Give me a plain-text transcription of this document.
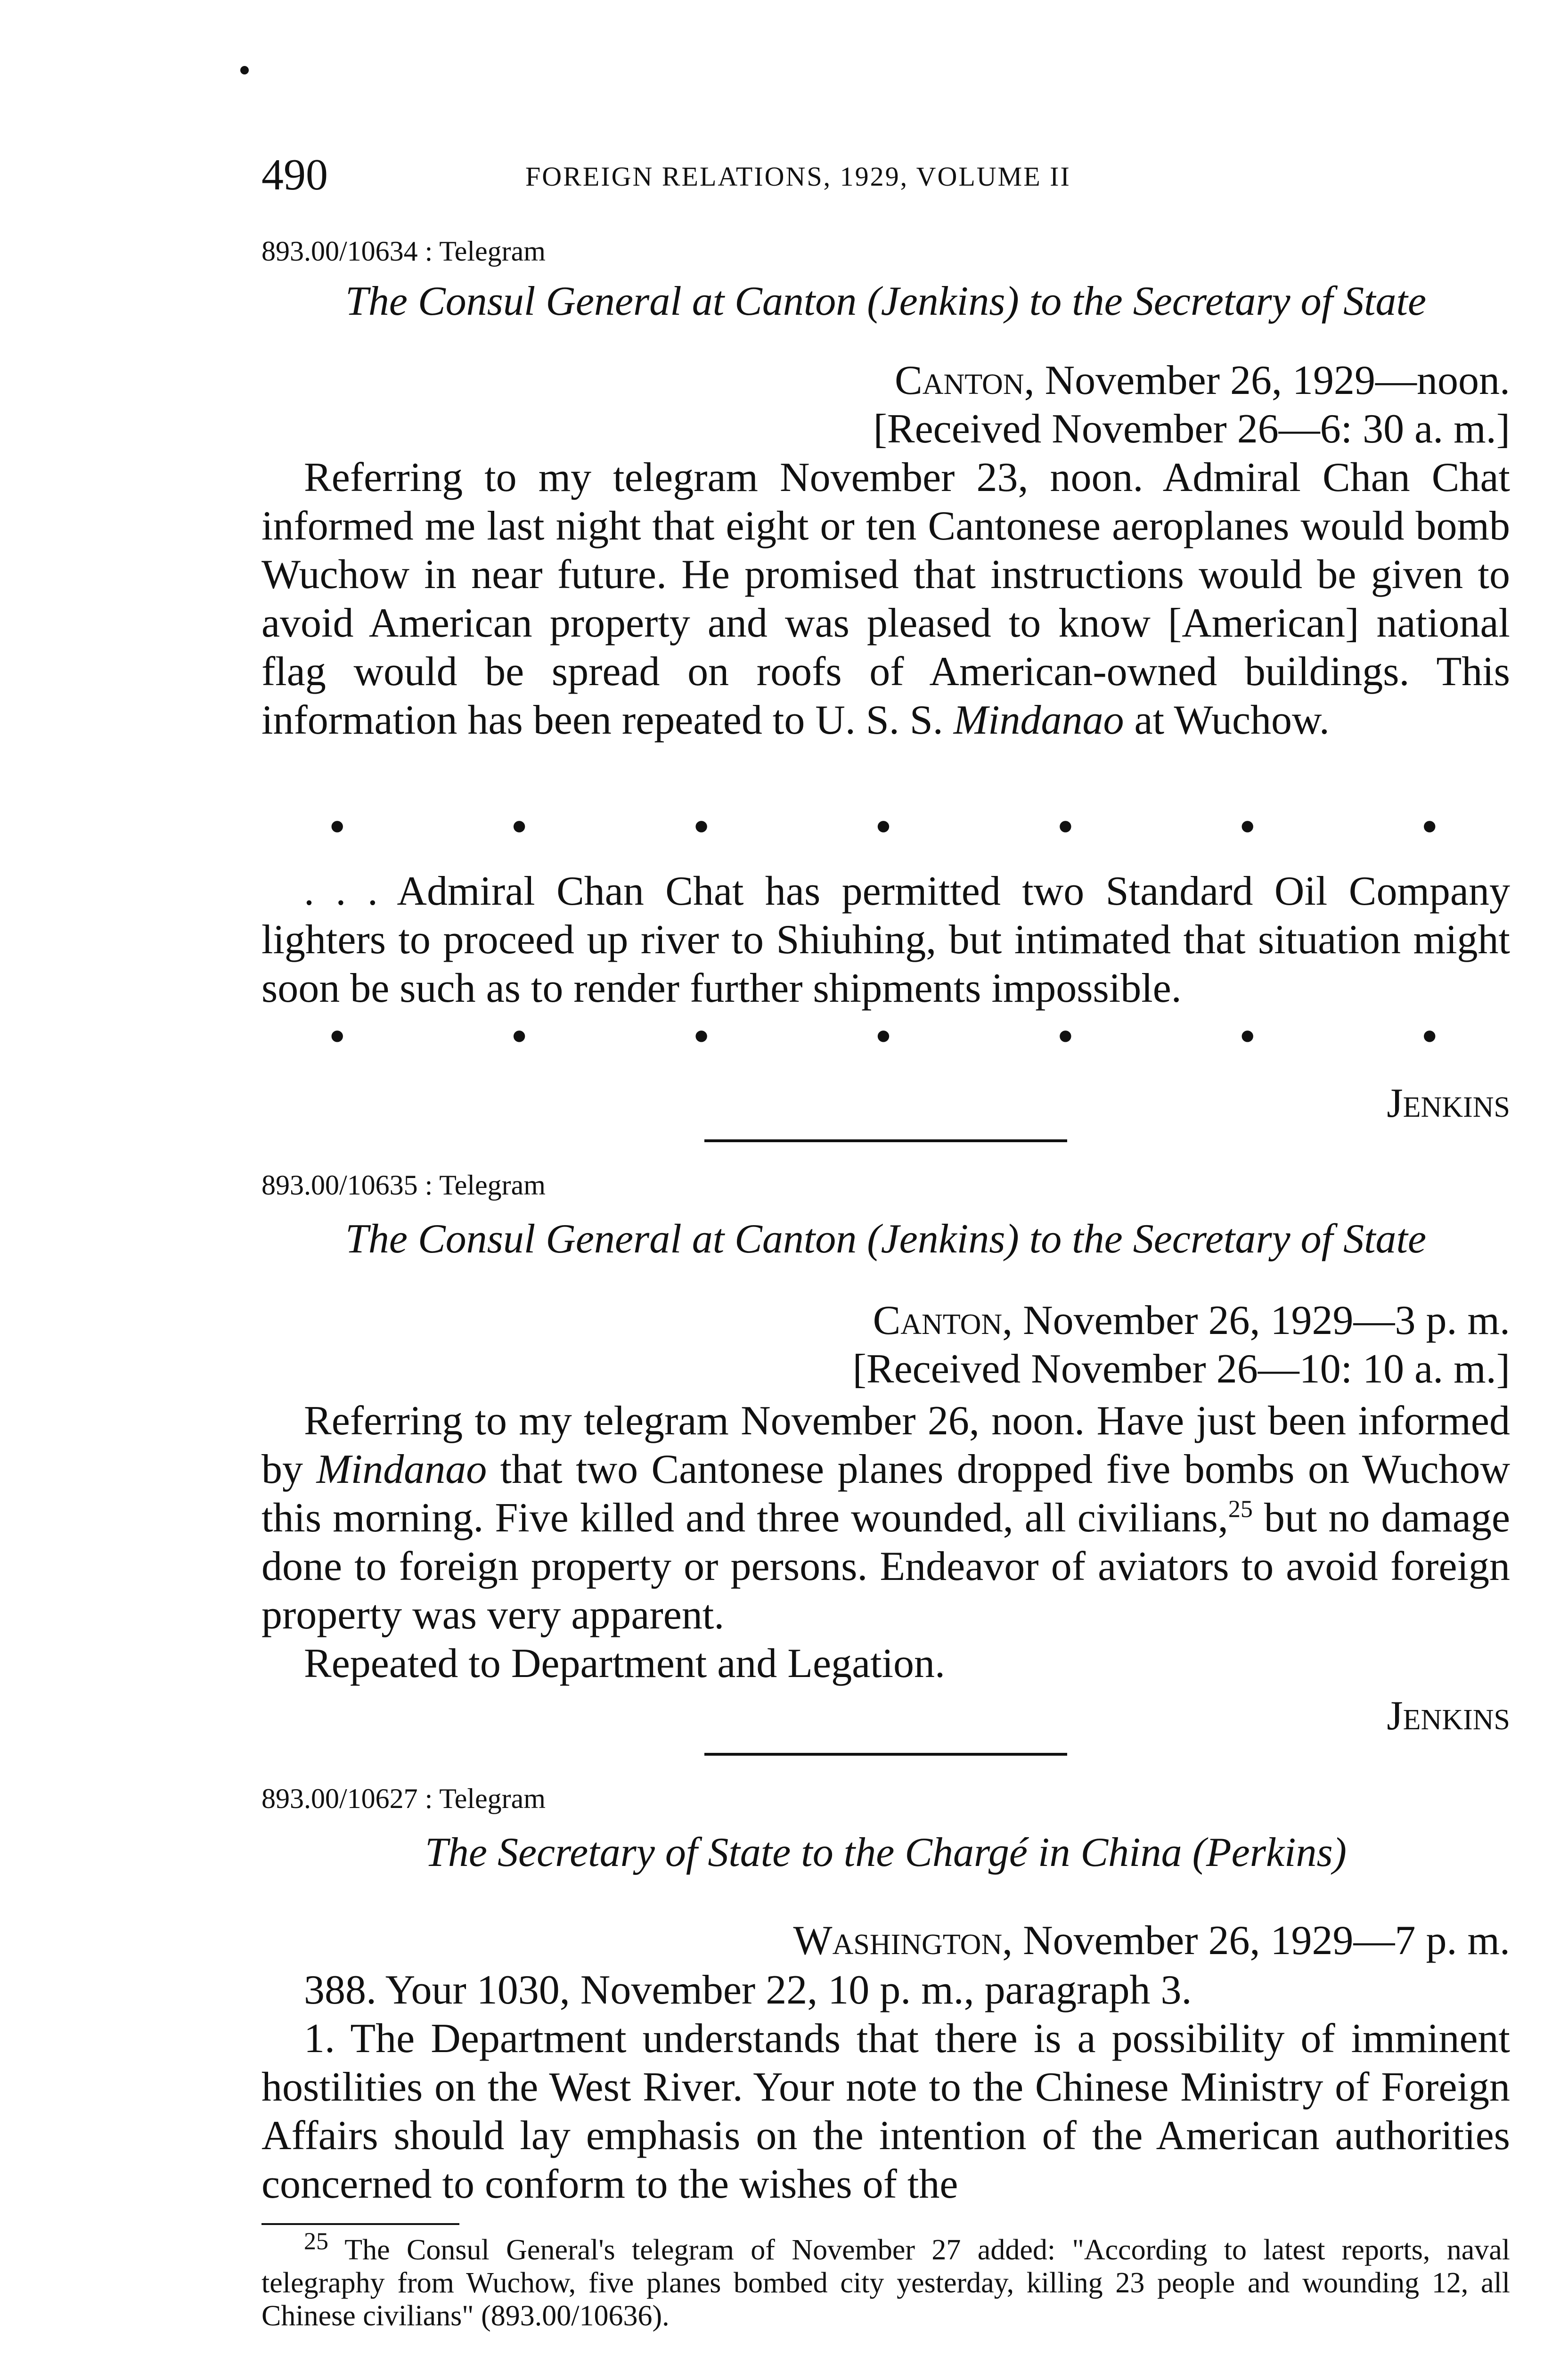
490	FOREIGN RELATIONS, 1929, VOLUME II
893.00/10634 : Telegram
The Consul General at Canton (Jenkins) to the Secretary of State
Canton, November 26, 1929—noon.
[Received November 26—6: 30 a. m.]

Referring to my telegram November 23, noon. Admiral Chan Chat informed me last night that eight or ten Cantonese aeroplanes would bomb Wuchow in near future. He promised that instructions would be given to avoid American property and was pleased to know [American] national flag would be spread on roofs of American-owned buildings. This information has been repeated to U. S. S. Mindanao at Wuchow.

•	•	•	•	•	•	•

. . . Admiral Chan Chat has permitted two Standard Oil Company lighters to proceed up river to Shiuhing, but intimated that situation might soon be such as to render further shipments impossible.

•	•	•	•	•	•	•
Jenkins
893.00/10635 : Telegram
The Consul General at Canton (Jenkins) to the Secretary of State
Canton, November 26, 1929—3 p. m.
[Received November 26—10: 10 a. m.]

Referring to my telegram November 26, noon. Have just been informed by Mindanao that two Cantonese planes dropped five bombs on Wuchow this morning. Five killed and three wounded, all civilians,$^{25}$ but no damage done to foreign property or persons. Endeavor of aviators to avoid foreign property was very apparent.

Repeated to Department and Legation.

Jenkins
893.00/10627 : Telegram
The Secretary of State to the Chargé in China (Perkins)
Washington, November 26, 1929—7 p. m.

388. Your 1030, November 22, 10 p. m., paragraph 3.

1. The Department understands that there is a possibility of imminent hostilities on the West River. Your note to the Chinese Ministry of Foreign Affairs should lay emphasis on the intention of the American authorities concerned to conform to the wishes of the

$^{25}$ The Consul General's telegram of November 27 added: "According to latest reports, naval telegraphy from Wuchow, five planes bombed city yesterday, killing 23 people and wounding 12, all Chinese civilians" (893.00/10636).
